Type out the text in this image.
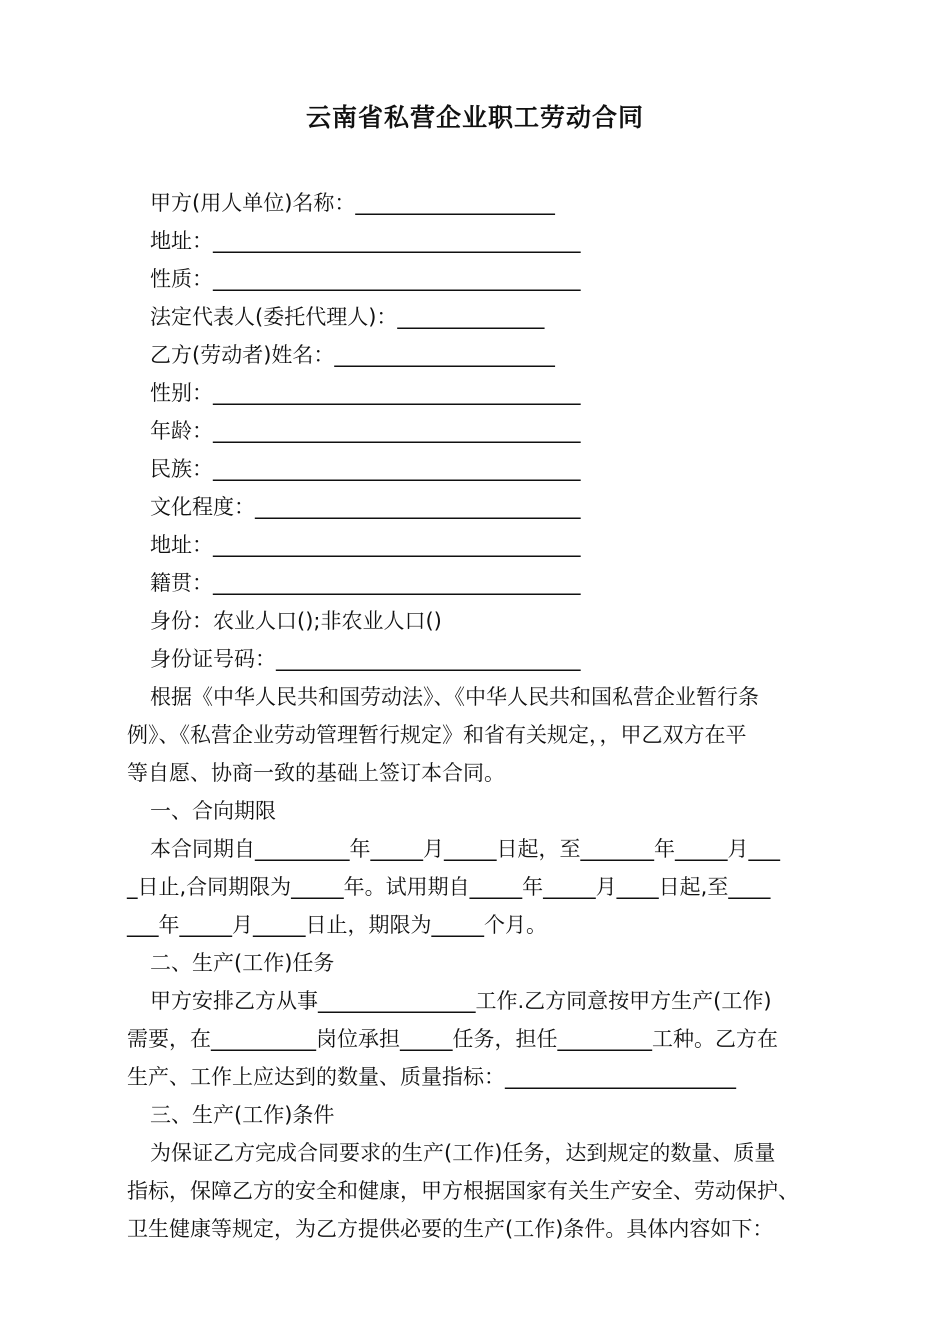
云南省私营企业职工劳动合同
甲方(用人单位)名称：___________________
地址：___________________________________
性质：___________________________________
法定代表人(委托代理人)：______________
乙方(劳动者)姓名：_____________________
性别：___________________________________
年龄：___________________________________
民族：___________________________________
文化程度：_______________________________
地址：___________________________________
籍贯：___________________________________
身份：农业人口();非农业人口()
身份证号码：_____________________________
根据《中华人民共和国劳动法》、《中华人民共和国私营企业暂行条
例》、《私营企业劳动管理暂行规定》和省有关规定，，甲乙双方在平
等自愿、协商一致的基础上签订本合同。
一、合向期限
本合同期自_________年_____月_____日起，至_______年_____月___
_日止,合同期限为_____年。试用期自_____年_____月____日起,至____
___年_____月_____日止，期限为_____个月。
二、生产(工作)任务
甲方安排乙方从事_______________工作.乙方同意按甲方生产(工作)
需要，在__________岗位承担_____任务，担任_________工种。乙方在
生产、工作上应达到的数量、质量指标：______________________
三、生产(工作)条件
为保证乙方完成合同要求的生产(工作)任务，达到规定的数量、质量
指标，保障乙方的安全和健康，甲方根据国家有关生产安全、劳动保护、
卫生健康等规定，为乙方提供必要的生产(工作)条件。具体内容如下：
